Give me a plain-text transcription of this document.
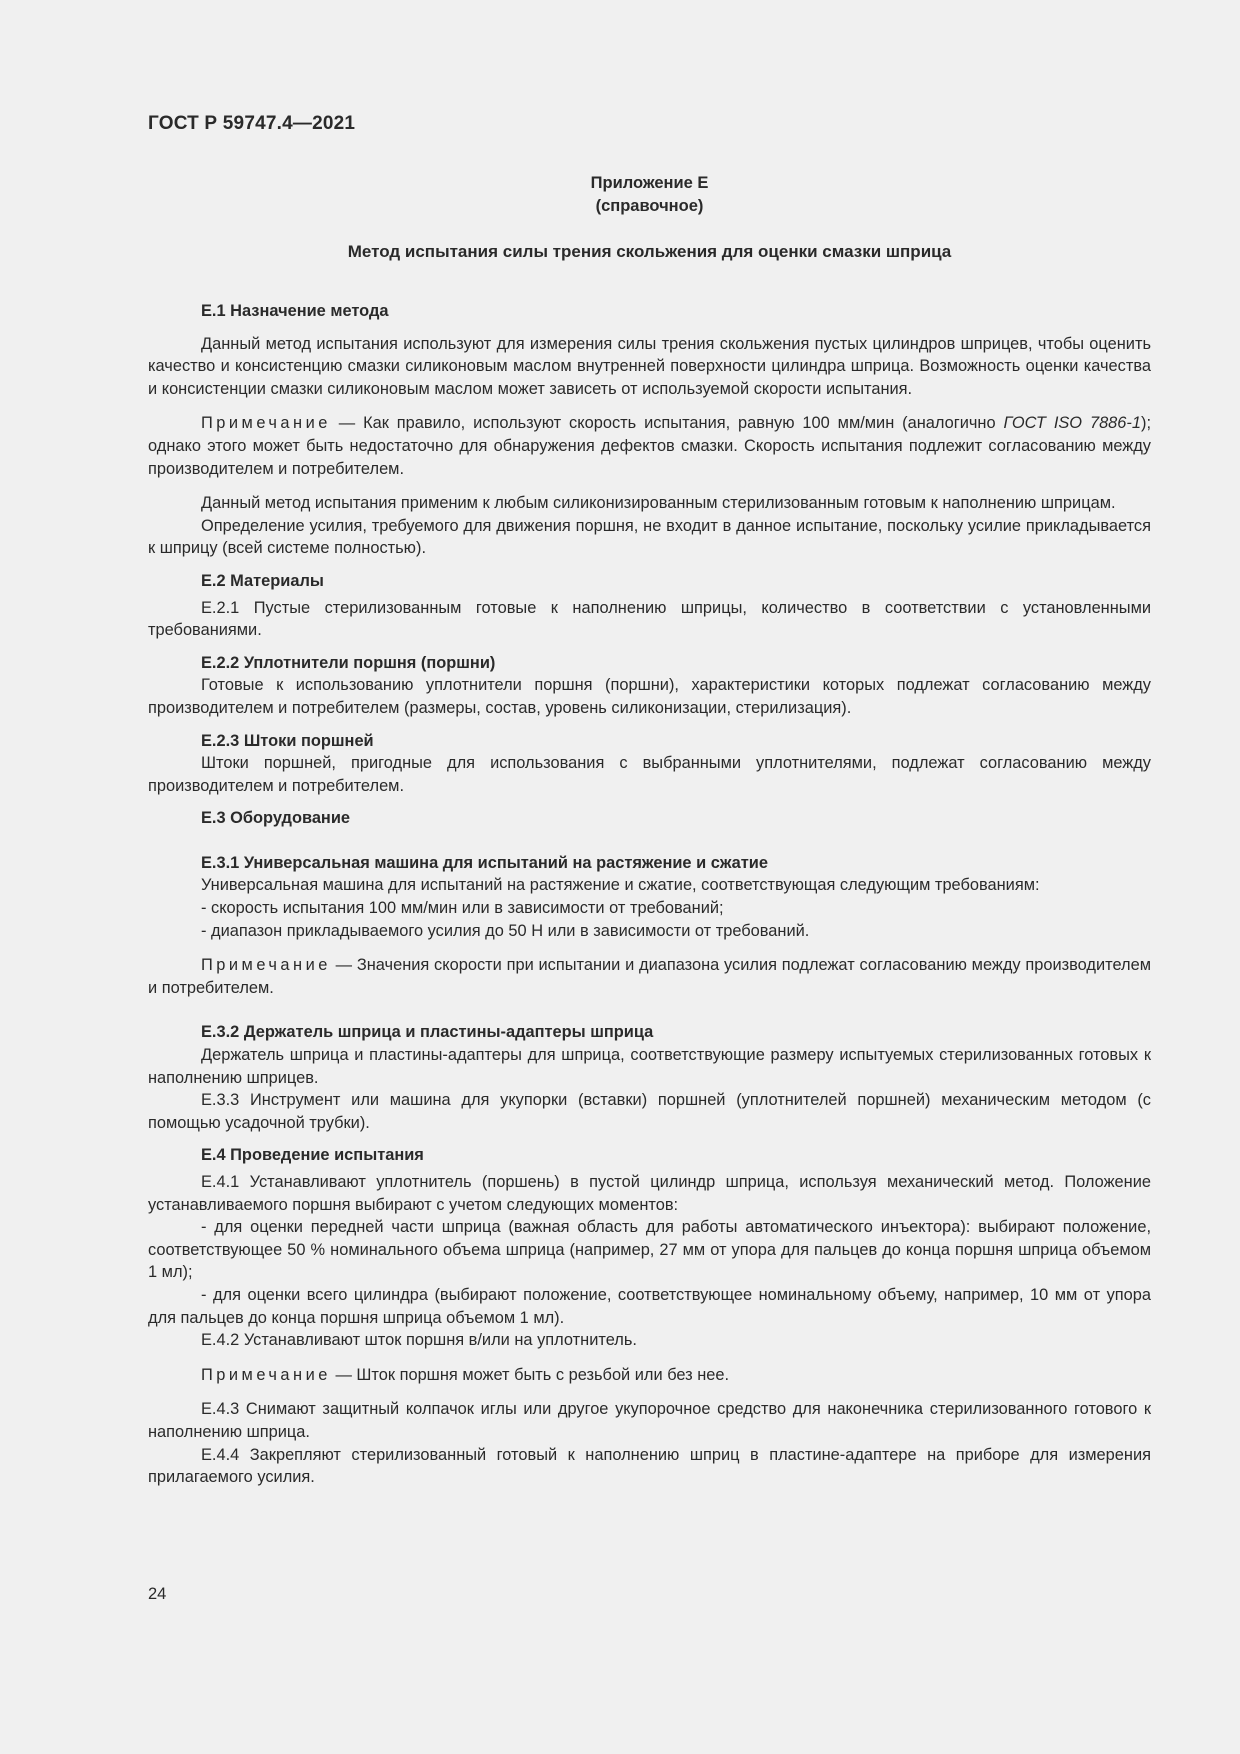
ГОСТ Р 59747.4—2021

Приложение Е
(справочное)
Метод испытания силы трения скольжения для оценки смазки шприца

Е.1 Назначение метода

Данный метод испытания используют для измерения силы трения скольжения пустых цилиндров шприцев, чтобы оценить качество и консистенцию смазки силиконовым маслом внутренней поверхности цилиндра шприца. Возможность оценки качества и консистенции смазки силиконовым маслом может зависеть от используемой скорости испытания.

Примечание — Как правило, используют скорость испытания, равную 100 мм/мин (аналогично ГОСТ ISO 7886-1); однако этого может быть недостаточно для обнаружения дефектов смазки. Скорость испытания подлежит согласованию между производителем и потребителем.

Данный метод испытания применим к любым силиконизированным стерилизованным готовым к наполнению шприцам.

Определение усилия, требуемого для движения поршня, не входит в данное испытание, поскольку усилие прикладывается к шприцу (всей системе полностью).

Е.2 Материалы

Е.2.1 Пустые стерилизованным готовые к наполнению шприцы, количество в соответствии с установленными требованиями.

Е.2.2 Уплотнители поршня (поршни)

Готовые к использованию уплотнители поршня (поршни), характеристики которых подлежат согласованию между производителем и потребителем (размеры, состав, уровень силиконизации, стерилизация).

Е.2.3 Штоки поршней

Штоки поршней, пригодные для использования с выбранными уплотнителями, подлежат согласованию между производителем и потребителем.

Е.3 Оборудование

Е.3.1 Универсальная машина для испытаний на растяжение и сжатие

Универсальная машина для испытаний на растяжение и сжатие, соответствующая следующим требованиям:

- скорость испытания 100 мм/мин или в зависимости от требований;

- диапазон прикладываемого усилия до 50 Н или в зависимости от требований.

Примечание — Значения скорости при испытании и диапазона усилия подлежат согласованию между производителем и потребителем.

Е.3.2 Держатель шприца и пластины-адаптеры шприца

Держатель шприца и пластины-адаптеры для шприца, соответствующие размеру испытуемых стерилизованных готовых к наполнению шприцев.

Е.3.3 Инструмент или машина для укупорки (вставки) поршней (уплотнителей поршней) механическим методом (с помощью усадочной трубки).

Е.4 Проведение испытания

Е.4.1 Устанавливают уплотнитель (поршень) в пустой цилиндр шприца, используя механический метод. Положение устанавливаемого поршня выбирают с учетом следующих моментов:

- для оценки передней части шприца (важная область для работы автоматического инъектора): выбирают положение, соответствующее 50 % номинального объема шприца (например, 27 мм от упора для пальцев до конца поршня шприца объемом 1 мл);

- для оценки всего цилиндра (выбирают положение, соответствующее номинальному объему, например, 10 мм от упора для пальцев до конца поршня шприца объемом 1 мл).

Е.4.2 Устанавливают шток поршня в/или на уплотнитель.

Примечание — Шток поршня может быть с резьбой или без нее.

Е.4.3 Снимают защитный колпачок иглы или другое укупорочное средство для наконечника стерилизованного готового к наполнению шприца.

Е.4.4 Закрепляют стерилизованный готовый к наполнению шприц в пластине-адаптере на приборе для измерения прилагаемого усилия.

24
